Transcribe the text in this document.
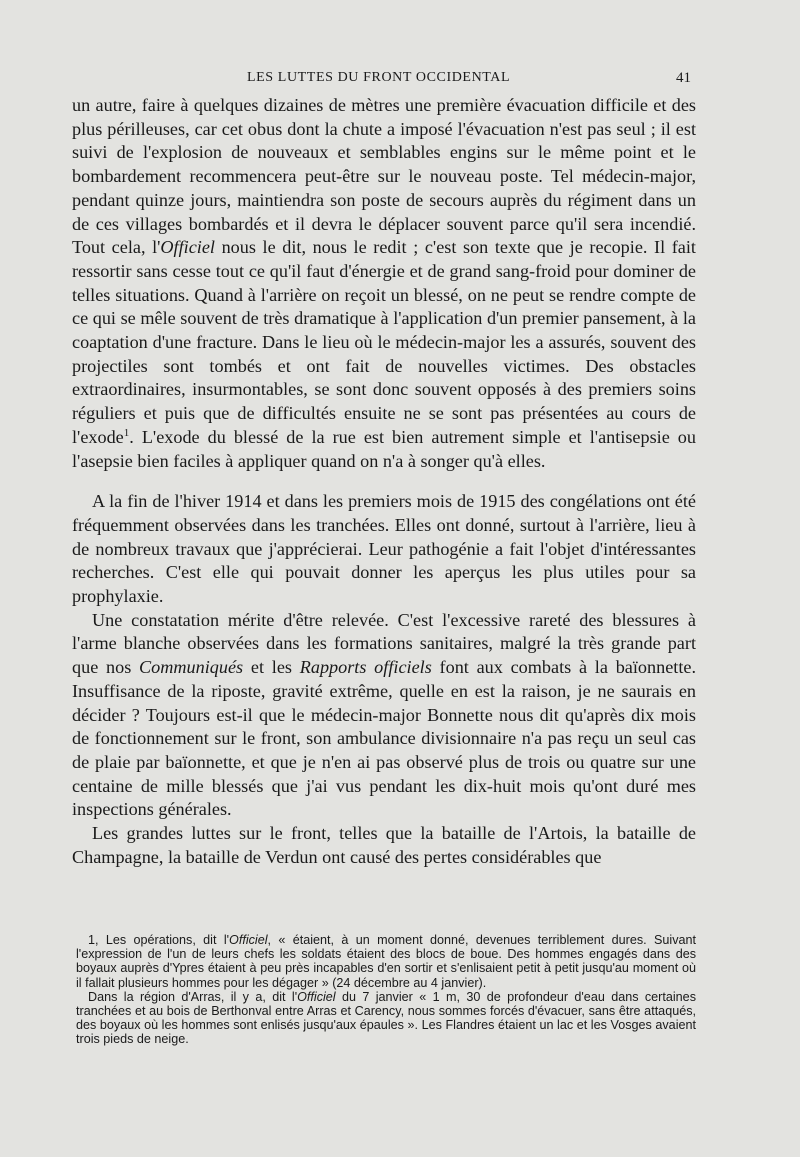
LES LUTTES DU FRONT OCCIDENTAL	41

un autre, faire à quelques dizaines de mètres une première évacuation difficile et des plus périlleuses, car cet obus dont la chute a imposé l'évacuation n'est pas seul ; il est suivi de l'explosion de nouveaux et semblables engins sur le même point et le bombardement recommencera peut-être sur le nouveau poste. Tel médecin-major, pendant quinze jours, maintiendra son poste de secours auprès du régiment dans un de ces villages bombardés et il devra le déplacer souvent parce qu'il sera incendié. Tout cela, l'Officiel nous le dit, nous le redit ; c'est son texte que je recopie. Il fait ressortir sans cesse tout ce qu'il faut d'énergie et de grand sang-froid pour dominer de telles situations. Quand à l'arrière on reçoit un blessé, on ne peut se rendre compte de ce qui se mêle souvent de très dramatique à l'application d'un premier pansement, à la coaptation d'une fracture. Dans le lieu où le médecin-major les a assurés, souvent des projectiles sont tombés et ont fait de nouvelles victimes. Des obstacles extraordinaires, insurmontables, se sont donc souvent opposés à des premiers soins réguliers et puis que de difficultés ensuite ne se sont pas présentées au cours de l'exode$^1$. L'exode du blessé de la rue est bien autrement simple et l'antisepsie ou l'asepsie bien faciles à appliquer quand on n'a à songer qu'à elles.

A la fin de l'hiver 1914 et dans les premiers mois de 1915 des congélations ont été fréquemment observées dans les tranchées. Elles ont donné, surtout à l'arrière, lieu à de nombreux travaux que j'apprécierai. Leur pathogénie a fait l'objet d'intéressantes recherches. C'est elle qui pouvait donner les aperçus les plus utiles pour sa prophylaxie.

Une constatation mérite d'être relevée. C'est l'excessive rareté des blessures à l'arme blanche observées dans les formations sanitaires, malgré la très grande part que nos Communiqués et les Rapports officiels font aux combats à la baïonnette. Insuffisance de la riposte, gravité extrême, quelle en est la raison, je ne saurais en décider ? Toujours est-il que le médecin-major Bonnette nous dit qu'après dix mois de fonctionnement sur le front, son ambulance divisionnaire n'a pas reçu un seul cas de plaie par baïonnette, et que je n'en ai pas observé plus de trois ou quatre sur une centaine de mille blessés que j'ai vus pendant les dix-huit mois qu'ont duré mes inspections générales.

Les grandes luttes sur le front, telles que la bataille de l'Artois, la bataille de Champagne, la bataille de Verdun ont causé des pertes considérables que

1, Les opérations, dit l'Officiel, « étaient, à un moment donné, devenues terriblement dures. Suivant l'expression de l'un de leurs chefs les soldats étaient des blocs de boue. Des hommes engagés dans des boyaux auprès d'Ypres étaient à peu près incapables d'en sortir et s'enlisaient petit à petit jusqu'au moment où il fallait plusieurs hommes pour les dégager » (24 décembre au 4 janvier).

Dans la région d'Arras, il y a, dit l'Officiel du 7 janvier « 1 m, 30 de profondeur d'eau dans certaines tranchées et au bois de Berthonval entre Arras et Carency, nous sommes forcés d'évacuer, sans être attaqués, des boyaux où les hommes sont enlisés jusqu'aux épaules ». Les Flandres étaient un lac et les Vosges avaient trois pieds de neige.
